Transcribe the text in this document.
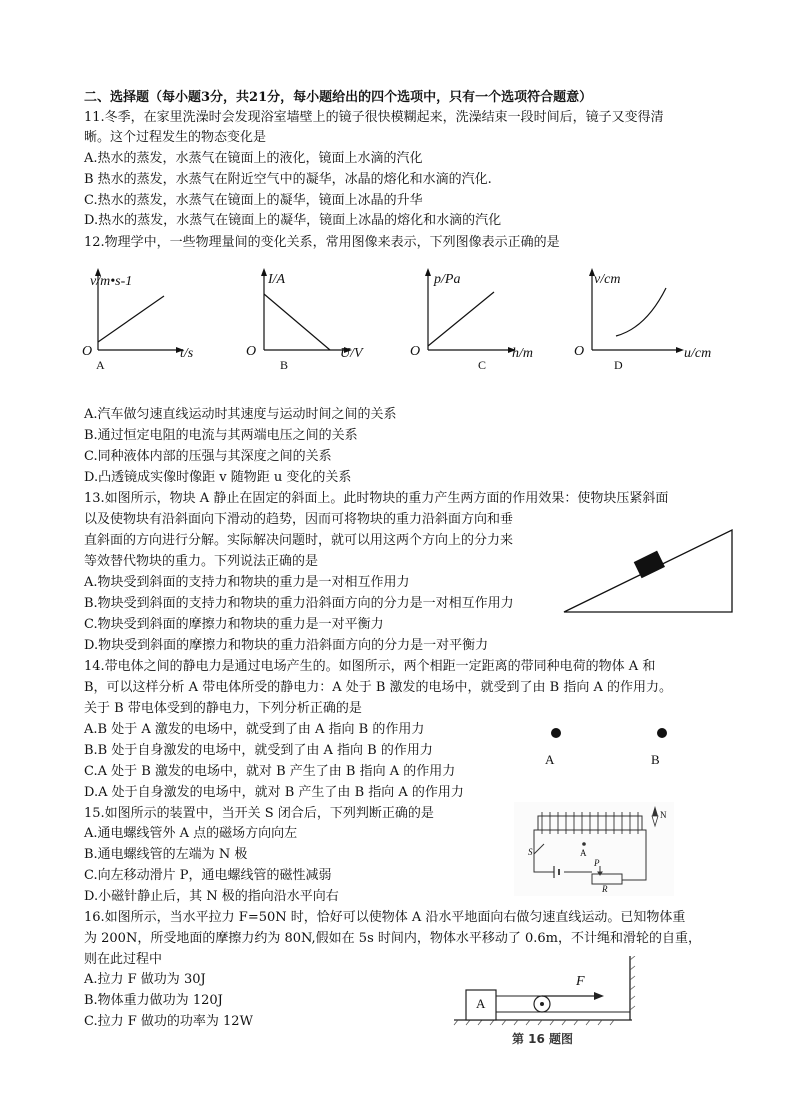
二、选择题（每小题3分，共21分，每小题给出的四个选项中，只有一个选项符合题意）
11.冬季，在家里洗澡时会发现浴室墙壁上的镜子很快模糊起来，洗澡结束一段时间后，镜子又变得清
晰。这个过程发生的物态变化是
A.热水的蒸发，水蒸气在镜面上的液化，镜面上水滴的汽化
B 热水的蒸发，水蒸气在附近空气中的凝华，冰晶的熔化和水滴的汽化.
C.热水的蒸发，水蒸气在镜面上的凝华，镜面上冰晶的升华
D.热水的蒸发，水蒸气在镜面上的凝华，镜面上冰晶的熔化和水滴的汽化
12.物理学中，一些物理量间的变化关系，常用图像来表示，下列图像表示正确的是
v/m•s-1
O	t/s
A
I/A
O	U/V
B
p/Pa
O	h/m
C
v/cm
O	u/cm
D
A.汽车做匀速直线运动时其速度与运动时间之间的关系
B.通过恒定电阻的电流与其两端电压之间的关系
C.同种液体内部的压强与其深度之间的关系
D.凸透镜成实像时像距 v 随物距 u 变化的关系
13.如图所示，物块 A 静止在固定的斜面上。此时物块的重力产生两方面的作用效果：使物块压紧斜面
以及使物块有沿斜面向下滑动的趋势，因而可将物块的重力沿斜面方向和垂
直斜面的方向进行分解。实际解决问题时，就可以用这两个方向上的分力来
等效替代物块的重力。下列说法正确的是
A.物块受到斜面的支持力和物块的重力是一对相互作用力
B.物块受到斜面的支持力和物块的重力沿斜面方向的分力是一对相互作用力
C.物块受到斜面的摩擦力和物块的重力是一对平衡力
D.物块受到斜面的摩擦力和物块的重力沿斜面方向的分力是一对平衡力
14.带电体之间的静电力是通过电场产生的。如图所示，两个相距一定距离的带同种电荷的物体 A 和
B，可以这样分析 A 带电体所受的静电力：A 处于 B 激发的电场中，就受到了由 B 指向 A 的作用力。
关于 B 带电体受到的静电力，下列分析正确的是
A.B 处于 A 激发的电场中，就受到了由 A 指向 B 的作用力
B.B 处于自身激发的电场中，就受到了由 A 指向 B 的作用力
C.A 处于 B 激发的电场中，就对 B 产生了由 B 指向 A 的作用力
D.A 处于自身激发的电场中，就对 B 产生了由 B 指向 A 的作用力
A	B
15.如图所示的装置中，当开关 S 闭合后，下列判断正确的是
A.通电螺线管外 A 点的磁场方向向左
B.通电螺线管的左端为 N 极
C.向左移动滑片 P，通电螺线管的磁性减弱
D.小磁针静止后，其 N 极的指向沿水平向右
S	A
N
P
R
16.如图所示，当水平拉力 F=50N 时，恰好可以使物体 A 沿水平地面向右做匀速直线运动。已知物体重
为 200N，所受地面的摩擦力约为 80N,假如在 5s 时间内，物体水平移动了 0.6m，不计绳和滑轮的自重，
则在此过程中
A.拉力 F 做功为 30J
B.物体重力做功为 120J
C.拉力 F 做功的功率为 12W
A
F
第 16 题图
